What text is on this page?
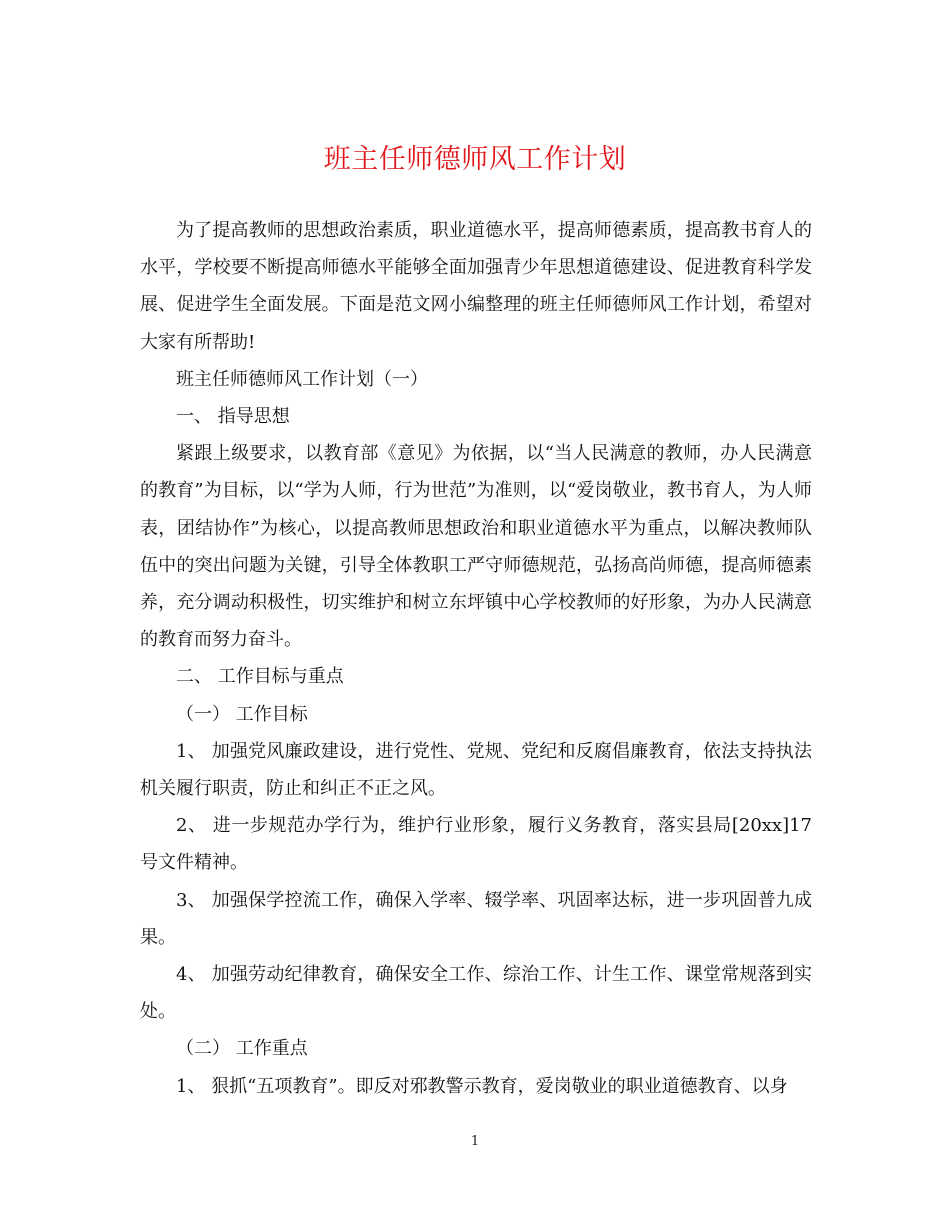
班主任师德师风工作计划

为了提高教师的思想政治素质，职业道德水平，提高师德素质，提高教书育人的水平，学校要不断提高师德水平能够全面加强青少年思想道德建设、促进教育科学发展、促进学生全面发展。下面是范文网小编整理的班主任师德师风工作计划，希望对大家有所帮助!

班主任师德师风工作计划（一）

一、 指导思想

紧跟上级要求，以教育部《意见》为依据，以“当人民满意的教师，办人民满意的教育”为目标，以“学为人师，行为世范”为准则，以“爱岗敬业，教书育人，为人师表，团结协作”为核心，以提高教师思想政治和职业道德水平为重点，以解决教师队伍中的突出问题为关键，引导全体教职工严守师德规范，弘扬高尚师德，提高师德素养，充分调动积极性，切实维护和树立东坪镇中心学校教师的好形象，为办人民满意的教育而努力奋斗。

二、 工作目标与重点

（一） 工作目标

1、 加强党风廉政建设，进行党性、党规、党纪和反腐倡廉教育，依法支持执法机关履行职责，防止和纠正不正之风。

2、 进一步规范办学行为，维护行业形象，履行义务教育，落实县局[20xx]17号文件精神。

3、 加强保学控流工作，确保入学率、辍学率、巩固率达标，进一步巩固普九成果。

4、 加强劳动纪律教育，确保安全工作、综治工作、计生工作、课堂常规落到实处。

（二） 工作重点

1、 狠抓“五项教育”。即反对邪教警示教育，爱岗敬业的职业道德教育、以身

1
